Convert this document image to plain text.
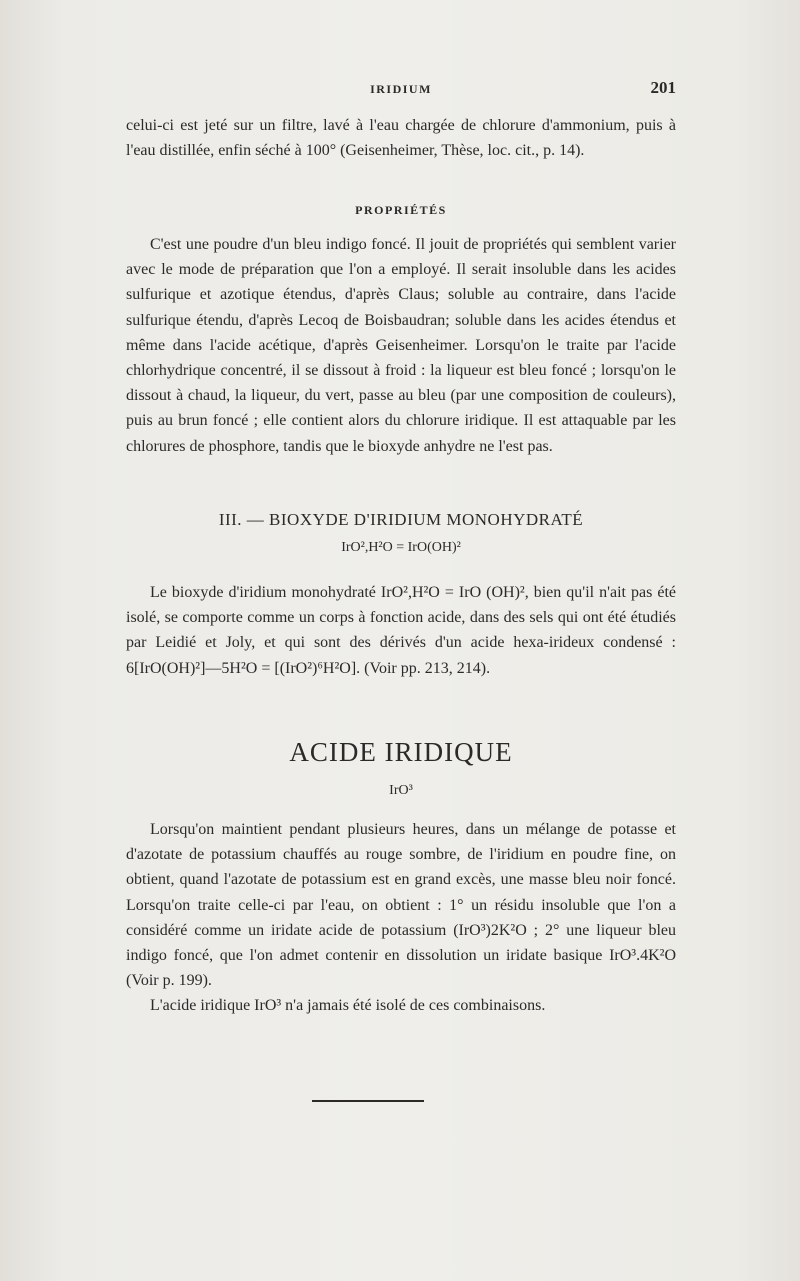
IRIDIUM	201

celui-ci est jeté sur un filtre, lavé à l'eau chargée de chlorure d'ammonium, puis à l'eau distillée, enfin séché à 100° (Geisenheimer, Thèse, loc. cit., p. 14).

PROPRIÉTÉS

C'est une poudre d'un bleu indigo foncé. Il jouit de propriétés qui semblent varier avec le mode de préparation que l'on a employé. Il serait insoluble dans les acides sulfurique et azotique étendus, d'après Claus; soluble au contraire, dans l'acide sulfurique étendu, d'après Lecoq de Boisbaudran; soluble dans les acides étendus et même dans l'acide acétique, d'après Geisenheimer. Lorsqu'on le traite par l'acide chlorhydrique concentré, il se dissout à froid : la liqueur est bleu foncé ; lorsqu'on le dissout à chaud, la liqueur, du vert, passe au bleu (par une composition de couleurs), puis au brun foncé ; elle contient alors du chlorure iridique. Il est attaquable par les chlorures de phosphore, tandis que le bioxyde anhydre ne l'est pas.

III. — BIOXYDE D'IRIDIUM MONOHYDRATÉ
IrO²,H²O = IrO(OH)²

Le bioxyde d'iridium monohydraté IrO²,H²O = IrO (OH)², bien qu'il n'ait pas été isolé, se comporte comme un corps à fonction acide, dans des sels qui ont été étudiés par Leidié et Joly, et qui sont des dérivés d'un acide hexa-irideux condensé : 6[IrO(OH)²]—5H²O = [(IrO²)⁶H²O]. (Voir pp. 213, 214).

ACIDE IRIDIQUE
IrO³

Lorsqu'on maintient pendant plusieurs heures, dans un mélange de potasse et d'azotate de potassium chauffés au rouge sombre, de l'iridium en poudre fine, on obtient, quand l'azotate de potassium est en grand excès, une masse bleu noir foncé. Lorsqu'on traite celle-ci par l'eau, on obtient : 1° un résidu insoluble que l'on a considéré comme un iridate acide de potassium (IrO³)2K²O ; 2° une liqueur bleu indigo foncé, que l'on admet contenir en dissolution un iridate basique IrO³.4K²O (Voir p. 199).

L'acide iridique IrO³ n'a jamais été isolé de ces combinaisons.
